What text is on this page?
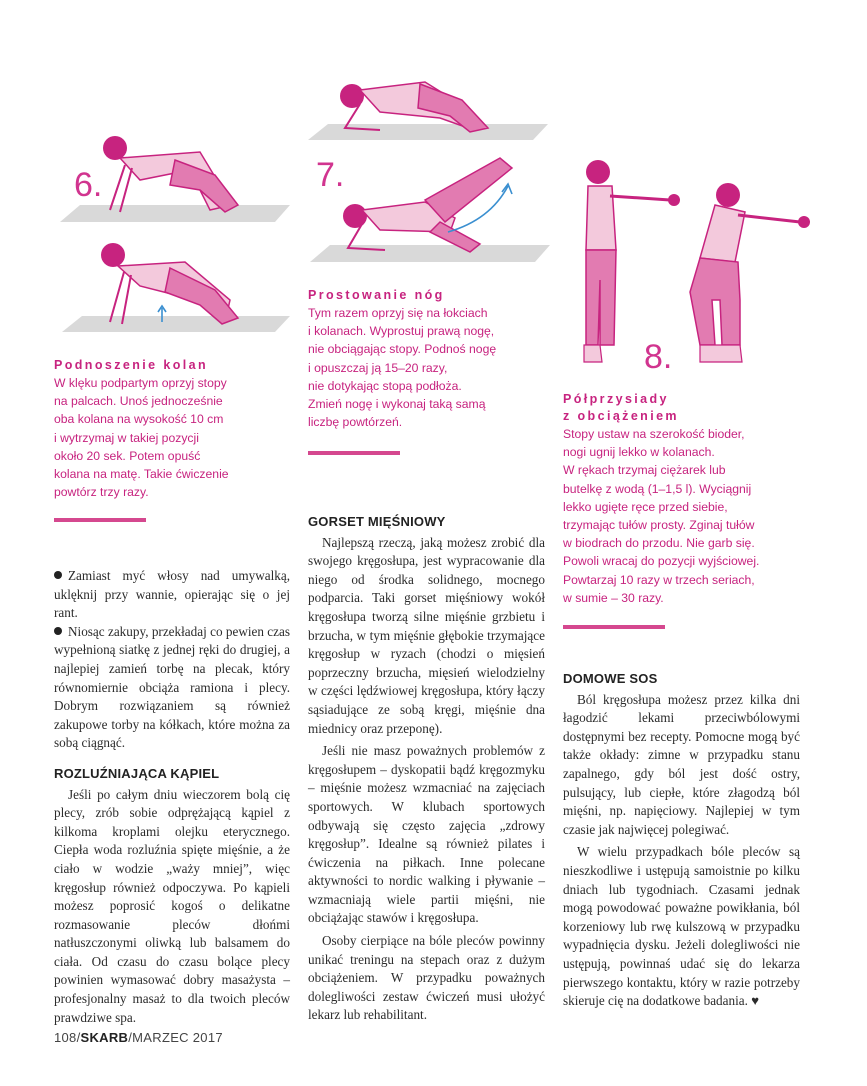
6.	7.
8.
Podnoszenie kolan
W klęku podpartym oprzyj stopy
na palcach. Unoś jednocześnie
oba kolana na wysokość 10 cm
i wytrzymaj w takiej pozycji
około 20 sek. Potem opuść
kolana na matę. Takie ćwiczenie
powtórz trzy razy.
Prostowanie nóg
Tym razem oprzyj się na łokciach
i kolanach. Wyprostuj prawą nogę,
nie obciągając stopy. Podnoś nogę
i opuszczaj ją 15–20 razy,
nie dotykając stopą podłoża.
Zmień nogę i wykonaj taką samą
liczbę powtórzeń.
Półprzysiady
z obciążeniem
Stopy ustaw na szerokość bioder,
nogi ugnij lekko w kolanach.
W rękach trzymaj ciężarek lub
butelkę z wodą (1–1,5 l). Wyciągnij
lekko ugięte ręce przed siebie,
trzymając tułów prosty. Zginaj tułów
w biodrach do przodu. Nie garb się.
Powoli wracaj do pozycji wyjściowej.
Powtarzaj 10 razy w trzech seriach,
w sumie – 30 razy.

Zamiast myć włosy nad umywalką, uklęknij przy wannie, opierając się o jej rant.

Niosąc zakupy, przekładaj co pewien czas wypełnioną siatkę z jednej ręki do drugiej, a najlepiej zamień torbę na plecak, który równomiernie obciąża ramiona i plecy. Dobrym rozwiązaniem są również zakupowe torby na kółkach, które można za sobą ciągnąć.

ROZLUŹNIAJĄCA KĄPIEL

Jeśli po całym dniu wieczorem bolą cię plecy, zrób sobie odprężającą kąpiel z kilkoma kroplami olejku eterycznego. Ciepła woda rozluźnia spięte mięśnie, a że ciało w wodzie „waży mniej”, więc kręgosłup również odpoczywa. Po kąpieli możesz poprosić kogoś o delikatne rozmasowanie pleców dłońmi natłuszczonymi oliwką lub balsamem do ciała. Od czasu do czasu bolące plecy powinien wymasować dobry masażysta – profesjonalny masaż to dla twoich pleców prawdziwe spa.

GORSET MIĘŚNIOWY

Najlepszą rzeczą, jaką możesz zrobić dla swojego kręgosłupa, jest wypracowanie dla niego od środka solidnego, mocnego podparcia. Taki gorset mięśniowy wokół kręgosłupa tworzą silne mięśnie grzbietu i brzucha, w tym mięśnie głębokie trzymające kręgosłup w ryzach (chodzi o mięsień poprzeczny brzucha, mięsień wielodzielny w części lędźwiowej kręgosłupa, który łączy sąsiadujące ze sobą kręgi, mięśnie dna miednicy oraz przeponę).

Jeśli nie masz poważnych problemów z kręgosłupem – dyskopatii bądź kręgozmyku – mięśnie możesz wzmacniać na zajęciach sportowych. W klubach sportowych odbywają się często zajęcia „zdrowy kręgosłup”. Idealne są również pilates i ćwiczenia na piłkach. Inne polecane aktywności to nordic walking i pływanie – wzmacniają wiele partii mięśni, nie obciążając stawów i kręgosłupa.

Osoby cierpiące na bóle pleców powinny unikać treningu na stepach oraz z dużym obciążeniem. W przypadku poważnych dolegliwości zestaw ćwiczeń musi ułożyć lekarz lub rehabilitant.

DOMOWE SOS

Ból kręgosłupa możesz przez kilka dni łagodzić lekami przeciwbólowymi dostępnymi bez recepty. Pomocne mogą być także okłady: zimne w przypadku stanu zapalnego, gdy ból jest dość ostry, pulsujący, lub ciepłe, które złagodzą ból mięśni, np. napięciowy. Najlepiej w tym czasie jak najwięcej polegiwać.

W wielu przypadkach bóle pleców są nieszkodliwe i ustępują samoistnie po kilku dniach lub tygodniach. Czasami jednak mogą powodować poważne powikłania, ból korzeniowy lub rwę kulszową w przypadku wypadnięcia dysku. Jeżeli dolegliwości nie ustępują, powinnaś udać się do lekarza pierwszego kontaktu, który w razie potrzeby skieruje cię na dodatkowe badania. ♥

108/SKARB/MARZEC 2017
